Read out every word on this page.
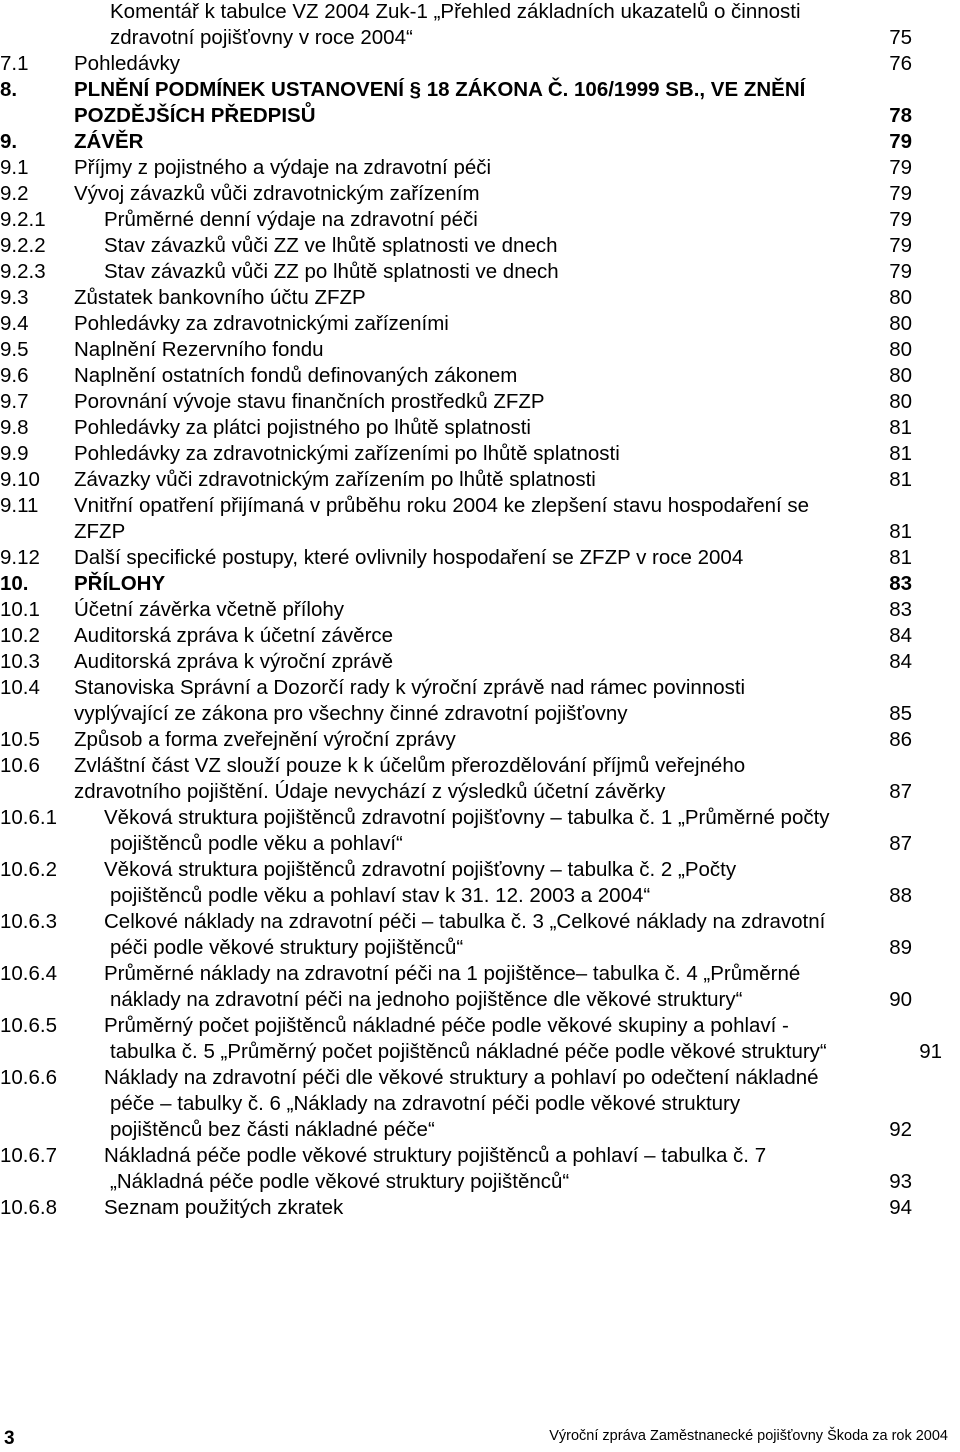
Komentář k tabulce VZ 2004 Zuk-1 „Přehled základních ukazatelů o činnosti
zdravotní pojišťovny v roce 2004“	75
7.1 Pohledávky	76
8.	PLNĚNÍ PODMÍNEK USTANOVENÍ § 18 ZÁKONA Č. 106/1999 SB., VE ZNĚNÍ
POZDĚJŠÍCH PŘEDPISŮ	78
9.	ZÁVĚR	79
9.1 Příjmy z pojistného a výdaje na zdravotní péči	79
9.2 Vývoj závazků vůči zdravotnickým zařízením	79
9.2.1	Průměrné denní výdaje na zdravotní péči	79
9.2.2	Stav závazků vůči ZZ ve lhůtě splatnosti ve dnech	79
9.2.3	Stav závazků vůči ZZ po lhůtě splatnosti ve dnech	79
9.3 Zůstatek bankovního účtu ZFZP	80
9.4 Pohledávky za zdravotnickými zařízeními	80
9.5 Naplnění Rezervního fondu	80
9.6 Naplnění ostatních fondů definovaných zákonem	80
9.7 Porovnání vývoje stavu finančních prostředků ZFZP	80
9.8 Pohledávky za plátci pojistného po lhůtě splatnosti	81
9.9 Pohledávky za zdravotnickými zařízeními po lhůtě splatnosti	81
9.10 Závazky vůči zdravotnickým zařízením po lhůtě splatnosti	81
9.11 Vnitřní opatření přijímaná v průběhu roku 2004 ke zlepšení stavu hospodaření se
ZFZP	81
9.12 Další specifické postupy, které ovlivnily hospodaření se ZFZP v roce 2004	81
10. PŘÍLOHY	83
10.1 Účetní závěrka včetně přílohy	83
10.2 Auditorská zpráva k účetní závěrce	84
10.3 Auditorská zpráva k výroční zprávě	84
10.4 Stanoviska Správní a Dozorčí rady k výroční zprávě nad rámec povinnosti
vyplývající ze zákona pro všechny činné zdravotní pojišťovny	85
10.5 Způsob a forma zveřejnění výroční zprávy	86
10.6 Zvláštní část VZ slouží pouze k k účelům přerozdělování příjmů veřejného
zdravotního pojištění. Údaje nevychází z výsledků účetní závěrky	87
10.6.1 Věková struktura pojištěnců zdravotní pojišťovny – tabulka č. 1 „Průměrné počty
pojištěnců podle věku a pohlaví“	87
10.6.2 Věková struktura pojištěnců zdravotní pojišťovny – tabulka č. 2 „Počty
pojištěnců podle věku a pohlaví stav k 31. 12. 2003 a 2004“	88
10.6.3 Celkové náklady na zdravotní péči – tabulka č. 3 „Celkové náklady na zdravotní
péči podle věkové struktury pojištěnců“	89
10.6.4 Průměrné náklady na zdravotní péči na 1 pojištěnce– tabulka č. 4 „Průměrné
náklady na zdravotní péči na jednoho pojištěnce dle věkové struktury“	90
10.6.5 Průměrný počet pojištěnců nákladné péče podle věkové skupiny a pohlaví -
tabulka č. 5 „Průměrný počet pojištěnců nákladné péče podle věkové struktury“	91
10.6.6 Náklady na zdravotní péči dle věkové struktury a pohlaví po odečtení nákladné
péče – tabulky č. 6 „Náklady na zdravotní péči podle věkové struktury
pojištěnců bez části nákladné péče“	92
10.6.7 Nákladná péče podle věkové struktury pojištěnců a pohlaví – tabulka č. 7
„Nákladná péče podle věkové struktury pojištěnců“	93
10.6.8 Seznam použitých zkratek	94
3	Výroční zpráva Zaměstnanecké pojišťovny Škoda za rok 2004
